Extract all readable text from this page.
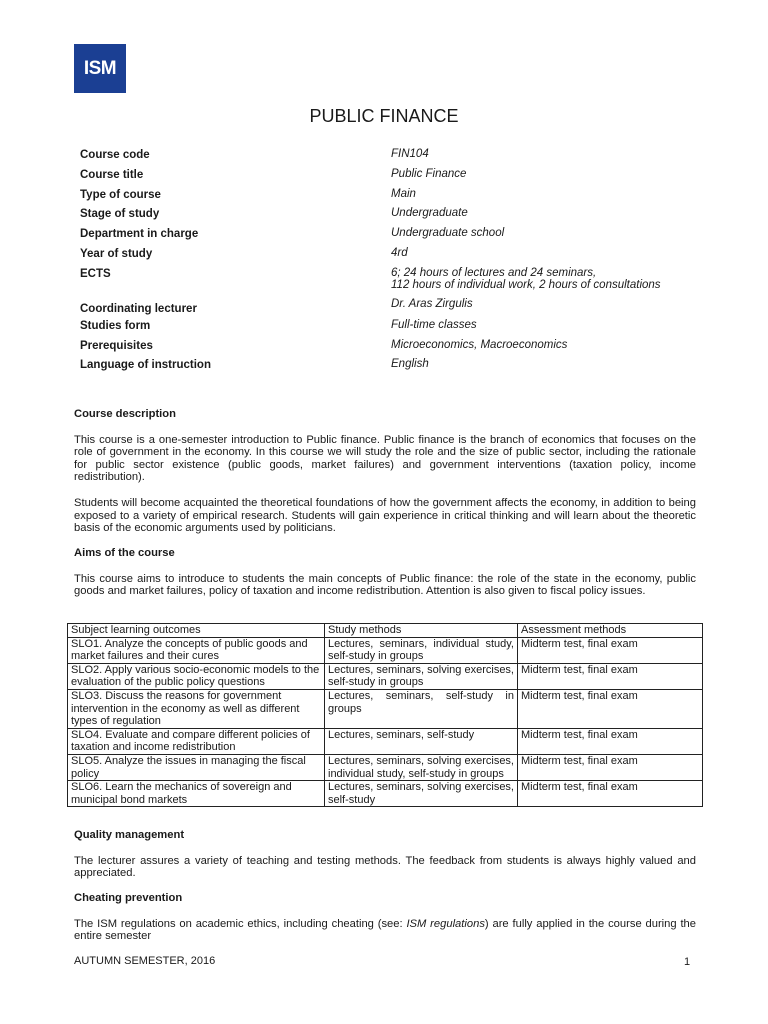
ISM
PUBLIC FINANCE
Course code	FIN104
Course title	Public Finance
Type of course	Main
Stage of study	Undergraduate
Department in charge	Undergraduate school
Year of study	4rd
ECTS	6; 24 hours of lectures and 24 seminars,
112 hours of individual work, 2 hours of consultations
Coordinating lecturer	Dr. Aras Zirgulis
Studies form	Full-time classes
Prerequisites	Microeconomics, Macroeconomics
Language of instruction	English
Course description
This course is a one-semester introduction to Public finance. Public finance is the branch of economics that focuses on the role of government in the economy. In this course we will study the role and the size of public sector, including the rationale for public sector existence (public goods, market failures) and government interventions (taxation policy, income redistribution).
Students will become acquainted the theoretical foundations of how the government affects the economy, in addition to being exposed to a variety of empirical research. Students will gain experience in critical thinking and will learn about the theoretic basis of the economic arguments used by politicians.
Aims of the course
This course aims to introduce to students the main concepts of Public finance: the role of the state in the economy, public goods and market failures, policy of taxation and income redistribution. Attention is also given to fiscal policy issues.
Subject learning outcomes	Study methods	Assessment methods
SLO1. Analyze the concepts of public goods and market failures and their cures	Lectures, seminars, individual study, self-study in groups	Midterm test, final exam
SLO2. Apply various socio-economic models to the evaluation of the public policy questions	Lectures, seminars, solving exercises, self-study in groups	Midterm test, final exam
SLO3. Discuss the reasons for government intervention in the economy as well as different types of regulation	Lectures, seminars, self-study in groups	Midterm test, final exam
SLO4. Evaluate and compare different policies of taxation and income redistribution	Lectures, seminars, self-study	Midterm test, final exam
SLO5. Analyze the issues in managing the fiscal policy	Lectures, seminars, solving exercises, individual study, self-study in groups	Midterm test, final exam
SLO6. Learn the mechanics of sovereign and municipal bond markets	Lectures, seminars, solving exercises, self-study	Midterm test, final exam
Quality management
The lecturer assures a variety of teaching and testing methods. The feedback from students is always highly valued and appreciated.
Cheating prevention
The ISM regulations on academic ethics, including cheating (see: ISM regulations) are fully applied in the course during the entire semester
AUTUMN SEMESTER, 2016	1
